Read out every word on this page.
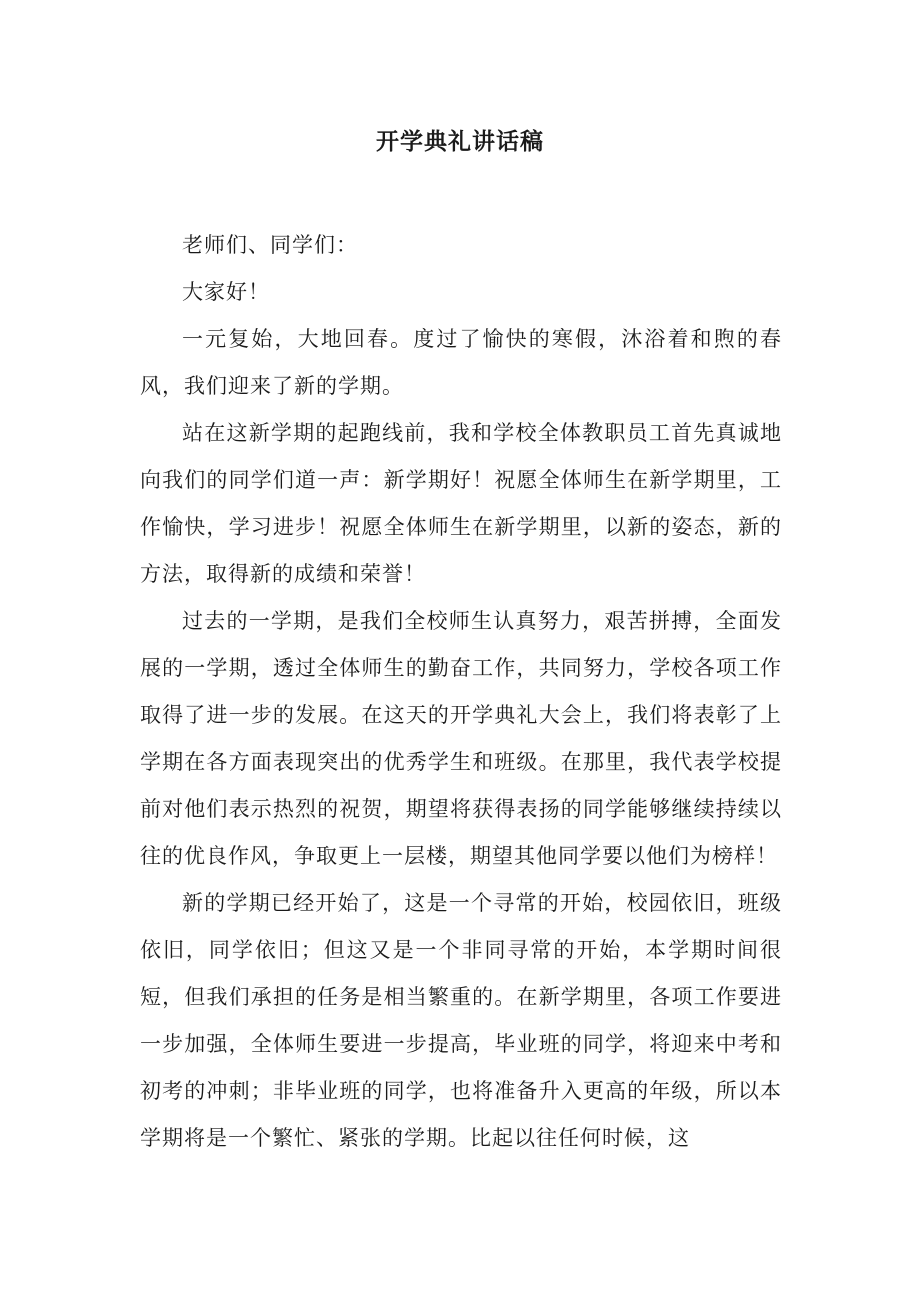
开学典礼讲话稿

老师们、同学们：

大家好！

一元复始，大地回春。度过了愉快的寒假，沐浴着和煦的春风，我们迎来了新的学期。

站在这新学期的起跑线前，我和学校全体教职员工首先真诚地向我们的同学们道一声：新学期好！祝愿全体师生在新学期里，工作愉快，学习进步！祝愿全体师生在新学期里，以新的姿态，新的方法，取得新的成绩和荣誉！

过去的一学期，是我们全校师生认真努力，艰苦拼搏，全面发展的一学期，透过全体师生的勤奋工作，共同努力，学校各项工作取得了进一步的发展。在这天的开学典礼大会上，我们将表彰了上学期在各方面表现突出的优秀学生和班级。在那里，我代表学校提前对他们表示热烈的祝贺，期望将获得表扬的同学能够继续持续以往的优良作风，争取更上一层楼，期望其他同学要以他们为榜样！

新的学期已经开始了，这是一个寻常的开始，校园依旧，班级依旧，同学依旧；但这又是一个非同寻常的开始，本学期时间很短，但我们承担的任务是相当繁重的。在新学期里，各项工作要进一步加强，全体师生要进一步提高，毕业班的同学，将迎来中考和初考的冲刺；非毕业班的同学，也将准备升入更高的年级，所以本学期将是一个繁忙、紧张的学期。比起以往任何时候，这
